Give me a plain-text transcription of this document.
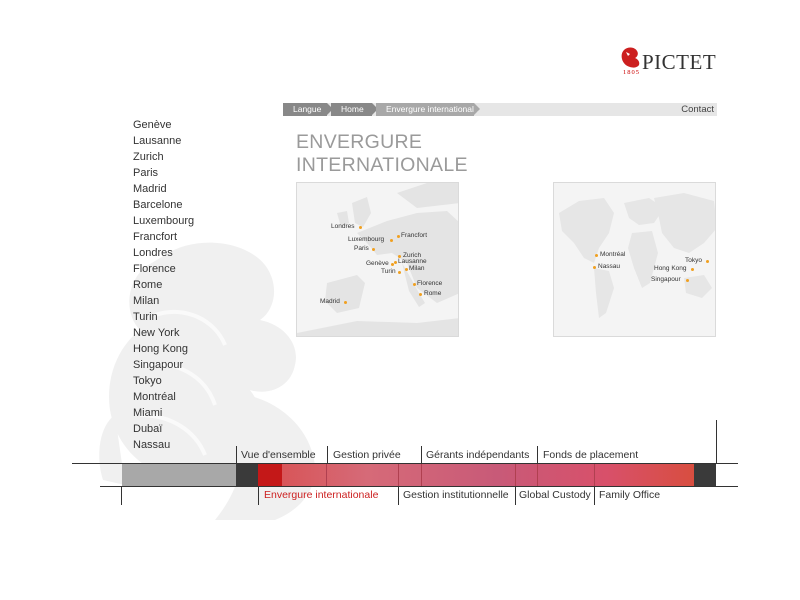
PICTET
1805
Langue	Home	Envergure internationale	Contact
ENVERGURE
INTERNATIONALE
Genève
Lausanne
Zurich
Paris
Madrid
Barcelone
Luxembourg
Francfort
Londres
Florence
Rome
Milan
Turin
New York
Hong Kong
Singapour
Tokyo
Montréal
Miami
Dubaï
Nassau
Londres
Luxembourg
Paris
Francfort
Zurich
Lausanne
Genève
Milan
Turin
Florence
Rome
Madrid
Montréal
Nassau
Tokyo
Hong Kong
Singapour
Vue d'ensemble Gestion privée Gérants indépendants Fonds de placement
Envergure internationale Gestion institutionnelle Global Custody Family Office
